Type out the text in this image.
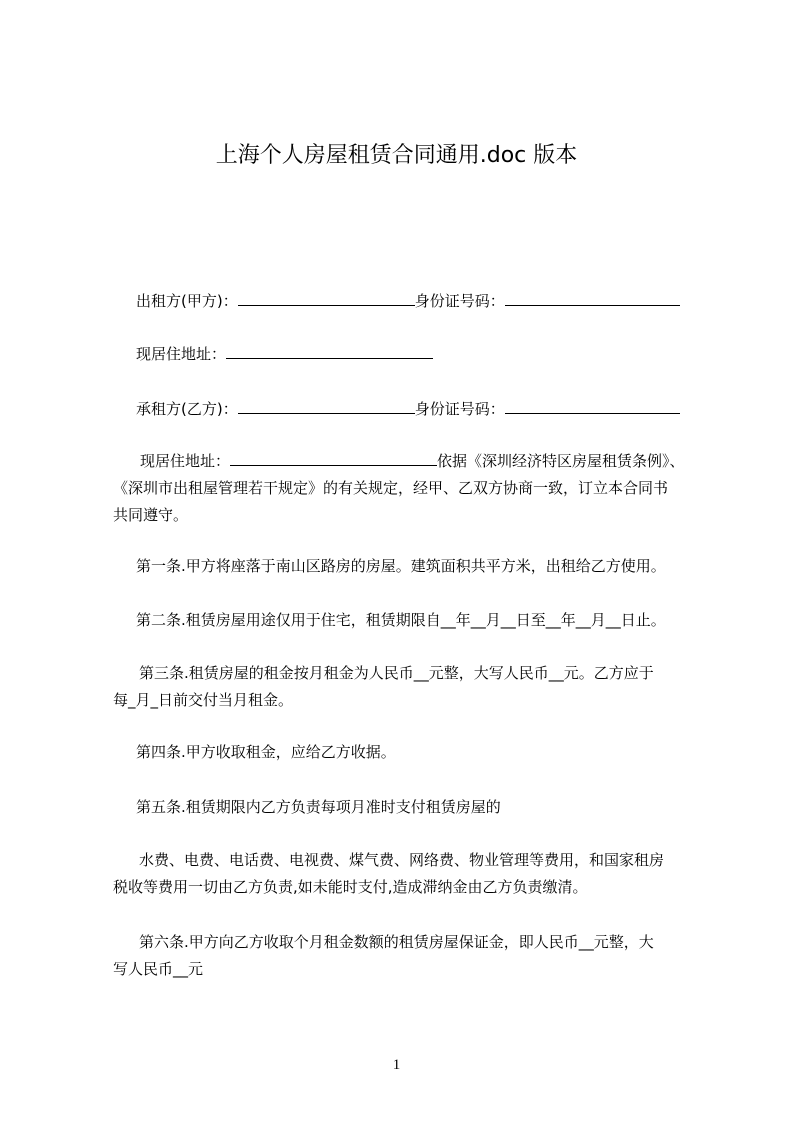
上海个人房屋租赁合同通用.doc 版本
出租方(甲方)：	身份证号码：
现居住地址：
承租方(乙方)：	身份证号码：
现居住地址：	依据《深圳经济特区房屋租赁条例》、
《深圳市出租屋管理若干规定》的有关规定，经甲、乙双方协商一致，订立本合同书
共同遵守。
第一条.甲方将座落于南山区路房的房屋。建筑面积共平方米，出租给乙方使用。
第二条.租赁房屋用途仅用于住宅，租赁期限自__年__月__日至__年__月__日止。
第三条.租赁房屋的租金按月租金为人民币__元整，大写人民币__元。乙方应于
每_月_日前交付当月租金。
第四条.甲方收取租金，应给乙方收据。
第五条.租赁期限内乙方负责每项月准时支付租赁房屋的
水费、电费、电话费、电视费、煤气费、网络费、物业管理等费用，和国家租房
税收等费用一切由乙方负责,如未能时支付,造成滞纳金由乙方负责缴清。
第六条.甲方向乙方收取个月租金数额的租赁房屋保证金，即人民币__元整，大
写人民币__元
1
